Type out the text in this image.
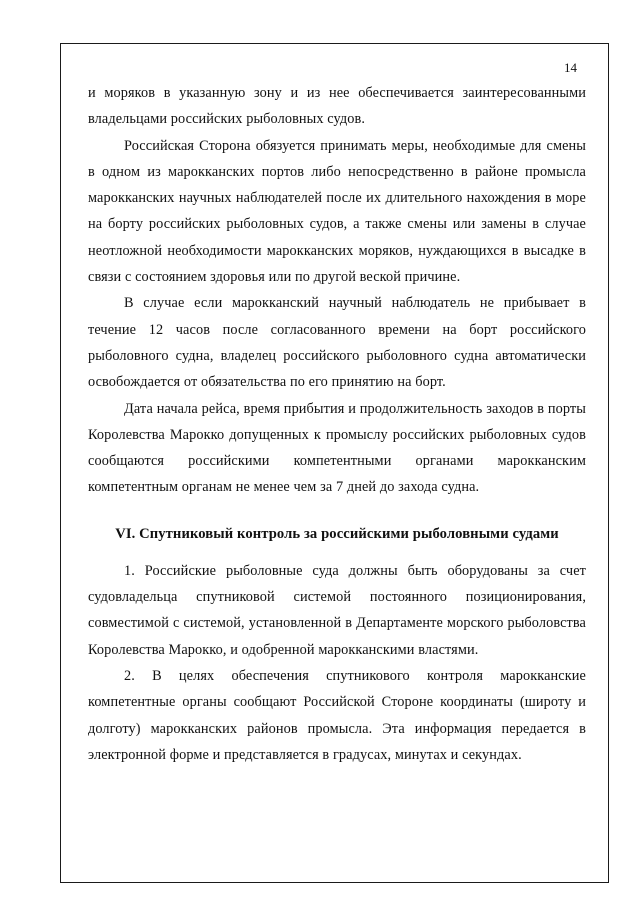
14

и моряков в указанную зону и из нее обеспечивается заинтересованными владельцами российских рыболовных судов.

Российская Сторона обязуется принимать меры, необходимые для смены в одном из марокканских портов либо непосредственно в районе промысла марокканских научных наблюдателей после их длительного нахождения в море на борту российских рыболовных судов, а также смены или замены в случае неотложной необходимости марокканских моряков, нуждающихся в высадке в связи с состоянием здоровья или по другой веской причине.

В случае если марокканский научный наблюдатель не прибывает в течение 12 часов после согласованного времени на борт российского рыболовного судна, владелец российского рыболовного судна автоматически освобождается от обязательства по его принятию на борт.

Дата начала рейса, время прибытия и продолжительность заходов в порты Королевства Марокко допущенных к промыслу российских рыболовных судов сообщаются российскими компетентными органами марокканским компетентным органам не менее чем за 7 дней до захода судна.

VI. Спутниковый контроль за российскими рыболовными судами

1. Российские рыболовные суда должны быть оборудованы за счет судовладельца спутниковой системой постоянного позиционирования, совместимой с системой, установленной в Департаменте морского рыболовства Королевства Марокко, и одобренной марокканскими властями.

2. В целях обеспечения спутникового контроля марокканские компетентные органы сообщают Российской Стороне координаты (широту и долготу) марокканских районов промысла. Эта информация передается в электронной форме и представляется в градусах, минутах и секундах.
